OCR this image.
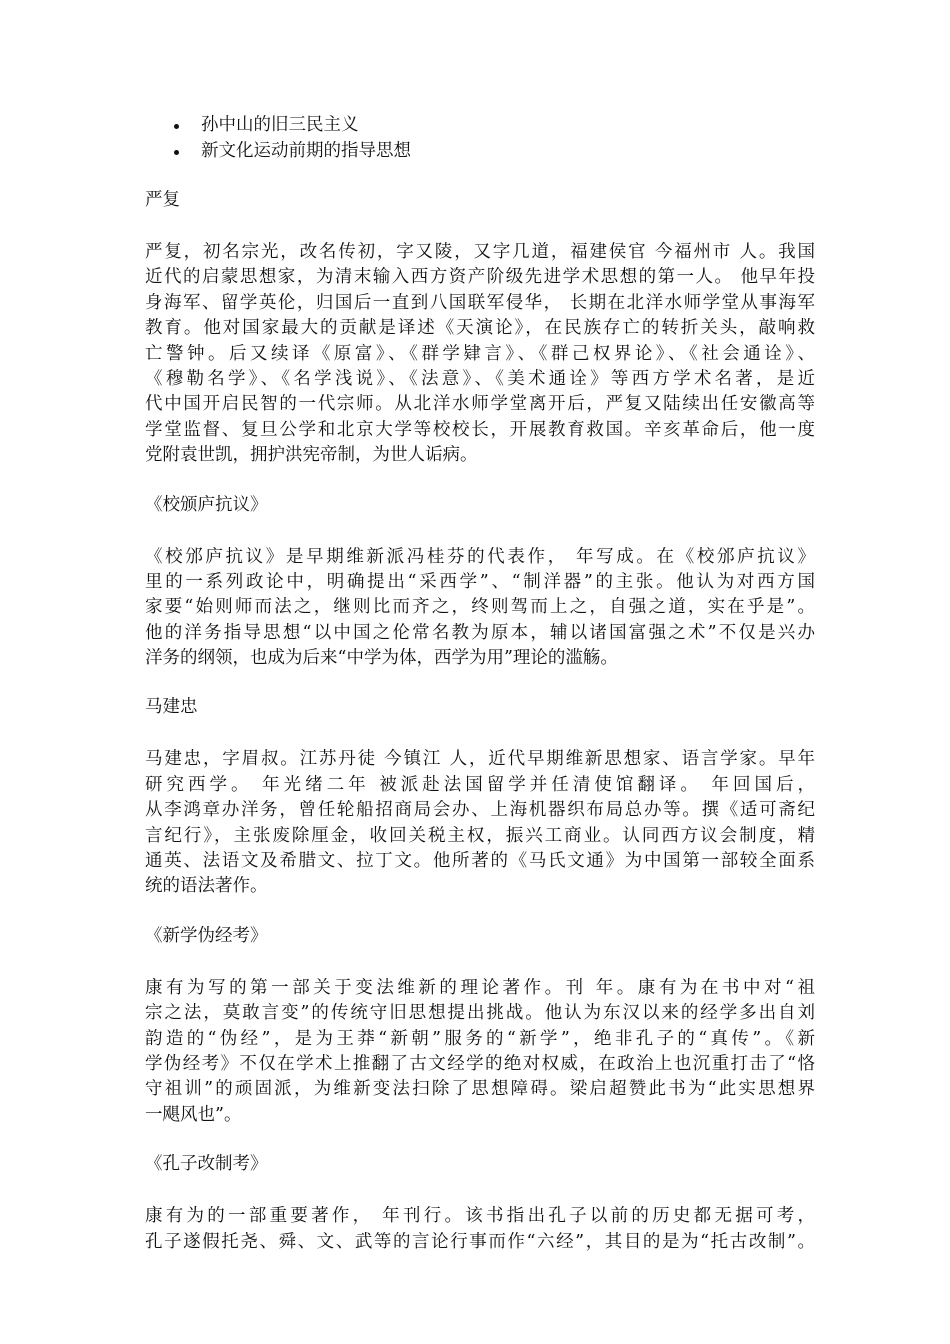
孙中山的旧三民主义
新文化运动前期的指导思想
严复
严复，初名宗光，改名传初，字又陵，又字几道，福建侯官 今福州市 人。我国
近代的启蒙思想家，为清末输入西方资产阶级先进学术思想的第一人。 他早年投
身海军、留学英伦，归国后一直到八国联军侵华， 长期在北洋水师学堂从事海军
教育。他对国家最大的贡献是译述《天演论》，在民族存亡的转折关头，敲响救
亡警钟。后又续译《原富》、《群学肄言》、《群己权界论》、《社会通诠》、
《穆勒名学》、《名学浅说》、《法意》、《美术通诠》等西方学术名著，是近
代中国开启民智的一代宗师。从北洋水师学堂离开后，严复又陆续出任安徽高等
学堂监督、复旦公学和北京大学等校校长，开展教育救国。辛亥革命后，他一度
党附袁世凯，拥护洪宪帝制，为世人诟病。
《校颁庐抗议》
《校邠庐抗议》是早期维新派冯桂芬的代表作， 年写成。在《校邠庐抗议》
里的一系列政论中，明确提出“采西学”、“制洋器”的主张。他认为对西方国
家要“始则师而法之，继则比而齐之，终则驾而上之，自强之道，实在乎是”。
他的洋务指导思想“以中国之伦常名教为原本，辅以诸国富强之术”不仅是兴办
洋务的纲领，也成为后来“中学为体，西学为用”理论的滥觞。
马建忠
马建忠，字眉叔。江苏丹徒 今镇江 人，近代早期维新思想家、语言学家。早年
研究西学。 年光绪二年 被派赴法国留学并任清使馆翻译。 年回国后，
从李鸿章办洋务，曾任轮船招商局会办、上海机器织布局总办等。撰《适可斋纪
言纪行》，主张废除厘金，收回关税主权，振兴工商业。认同西方议会制度，精
通英、法语文及希腊文、拉丁文。他所著的《马氏文通》为中国第一部较全面系
统的语法著作。
《新学伪经考》
康有为写的第一部关于变法维新的理论著作。刊 年。康有为在书中对“祖
宗之法，莫敢言变”的传统守旧思想提出挑战。他认为东汉以来的经学多出自刘
韵造的“伪经”，是为王莽“新朝”服务的“新学”，绝非孔子的“真传”。《新
学伪经考》不仅在学术上推翻了古文经学的绝对权威，在政治上也沉重打击了“恪
守祖训”的顽固派，为维新变法扫除了思想障碍。梁启超赞此书为“此实思想界
一飓风也”。
《孔子改制考》
康有为的一部重要著作， 年刊行。该书指出孔子以前的历史都无据可考，
孔子遂假托尧、舜、文、武等的言论行事而作“六经”，其目的是为“托古改制”。
